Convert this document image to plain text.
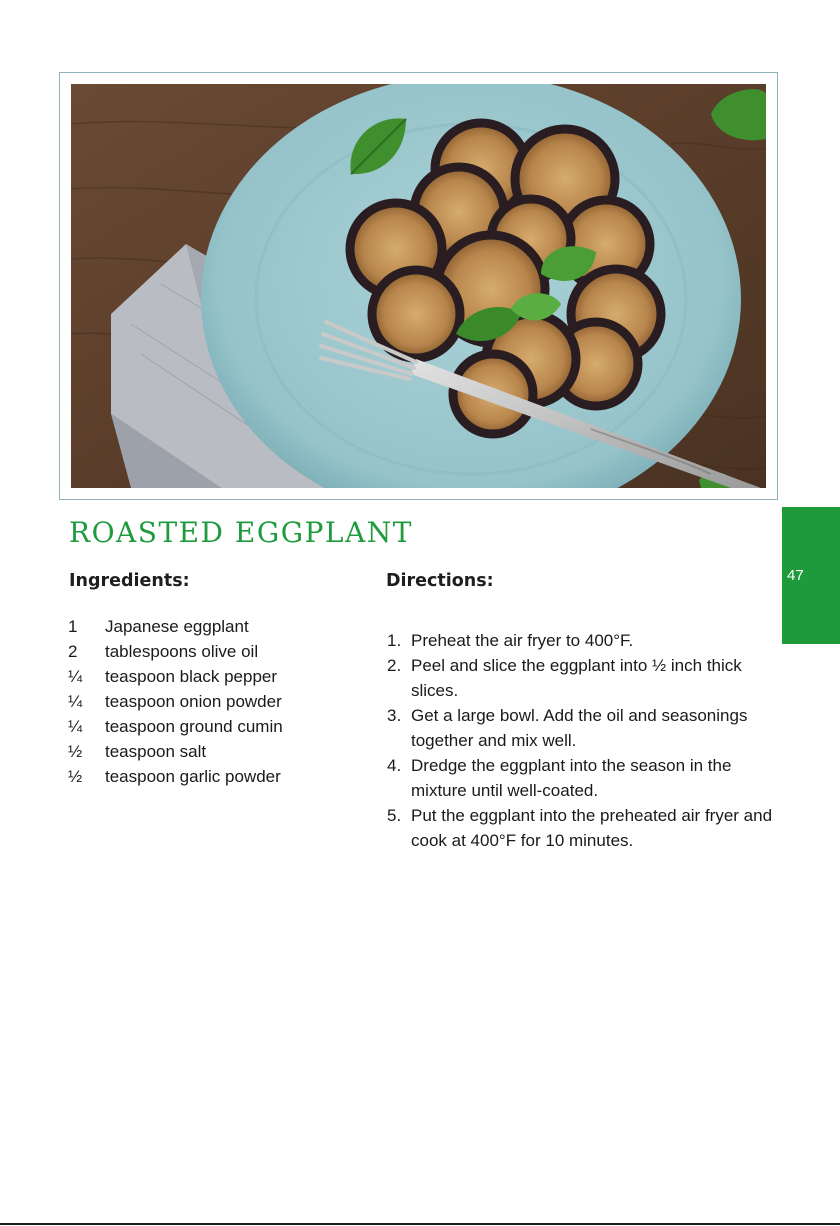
ROASTED EGGPLANT
Ingredients:	Directions:
1 Japanese eggplant
2 tablespoons olive oil
¼ teaspoon black pepper
¼ teaspoon onion powder
¼ teaspoon ground cumin
½ teaspoon salt
½ teaspoon garlic powder
1. Preheat the air fryer to 400°F.
2. Peel and slice the eggplant into ½ inch thick slices.
3. Get a large bowl. Add the oil and seasonings together and mix well.
4. Dredge the eggplant into the season in the mixture until well-coated.
5. Put the eggplant into the preheated air fryer and cook at 400°F for 10 minutes.
47
